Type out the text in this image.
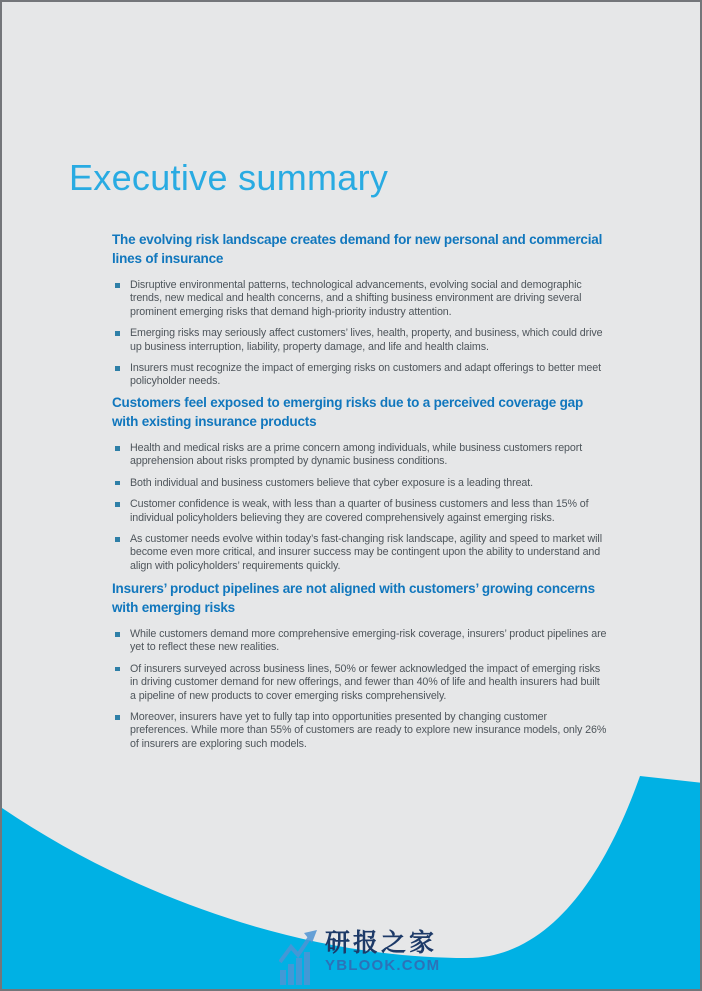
Executive summary
The evolving risk landscape creates demand for new personal and commercial lines of insurance
Disruptive environmental patterns, technological advancements, evolving social and demographic trends, new medical and health concerns, and a shifting business environment are driving several prominent emerging risks that demand high-priority industry attention.
Emerging risks may seriously affect customers’ lives, health, property, and business, which could drive up business interruption, liability, property damage, and life and health claims.
Insurers must recognize the impact of emerging risks on customers and adapt offerings to better meet policyholder needs.
Customers feel exposed to emerging risks due to a perceived coverage gap with existing insurance products
Health and medical risks are a prime concern among individuals, while business customers report apprehension about risks prompted by dynamic business conditions.
Both individual and business customers believe that cyber exposure is a leading threat.
Customer confidence is weak, with less than a quarter of business customers and less than 15% of individual policyholders believing they are covered comprehensively against emerging risks.
As customer needs evolve within today’s fast-changing risk landscape, agility and speed to market will become even more critical, and insurer success may be contingent upon the ability to understand and align with policyholders’ requirements quickly.
Insurers’ product pipelines are not aligned with customers’ growing concerns with emerging risks
While customers demand more comprehensive emerging-risk coverage, insurers’ product pipelines are yet to reflect these new realities.
Of insurers surveyed across business lines, 50% or fewer acknowledged the impact of emerging risks in driving customer demand for new offerings, and fewer than 40% of life and health insurers had built a pipeline of new products to cover emerging risks comprehensively.
Moreover, insurers have yet to fully tap into opportunities presented by changing customer preferences. While more than 55% of customers are ready to explore new insurance models, only 26% of insurers are exploring such models.
研报之家
YBLOOK.COM
